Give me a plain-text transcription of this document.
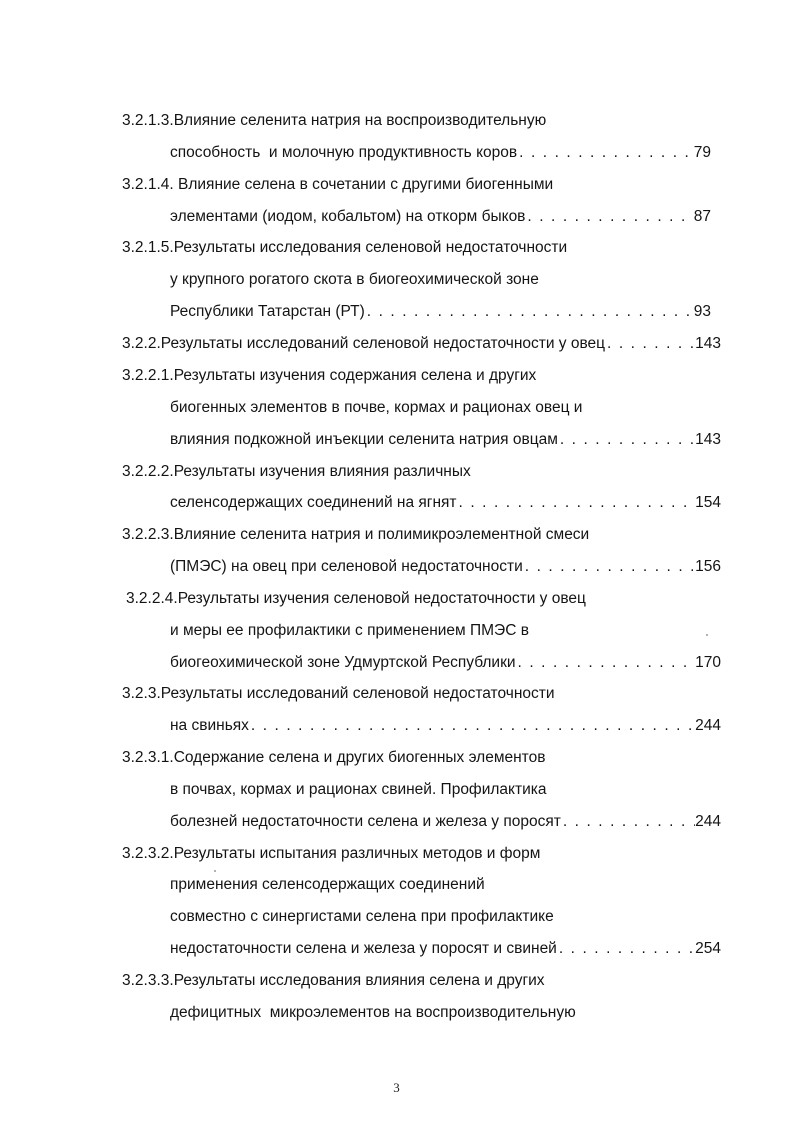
3.2.1.3.Влияние селенита натрия на воспроизводительную
способность  и молочную продуктивность коров . . .	79
3.2.1.4. Влияние селена в сочетании с другими биогенными
элементами (иодом, кобальтом) на откорм быков . . .	87
3.2.1.5.Результаты исследования селеновой недостаточности
у крупного рогатого скота в биогеохимической зоне
Республики Татарстан (РТ) . . .	93
3.2.2.Результаты исследований селеновой недостаточности у овец . . .	143
3.2.2.1.Результаты изучения содержания селена и других
биогенных элементов в почве, кормах и рационах овец и
влияния подкожной инъекции селенита натрия овцам . . .	143
3.2.2.2.Результаты изучения влияния различных
селенсодержащих соединений на ягнят . . .	154
3.2.2.3.Влияние селенита натрия и полимикроэлементной смеси
(ПМЭС) на овец при селеновой недостаточности . . .	156
3.2.2.4.Результаты изучения селеновой недостаточности у овец
и меры ее профилактики с применением ПМЭС в
биогеохимической зоне Удмуртской Республики . . .	170
3.2.3.Результаты исследований селеновой недостаточности
на свиньях . . .	244
3.2.3.1.Содержание селена и других биогенных элементов
в почвах, кормах и рационах свиней. Профилактика
болезней недостаточности селена и железа у поросят . . .	244
3.2.3.2.Результаты испытания различных методов и форм
применения селенсодержащих соединений
совместно с синергистами селена при профилактике
недостаточности селена и железа у поросят и свиней . . .	254
3.2.3.3.Результаты исследования влияния селена и других
дефицитных  микроэлементов на воспроизводительную
3
